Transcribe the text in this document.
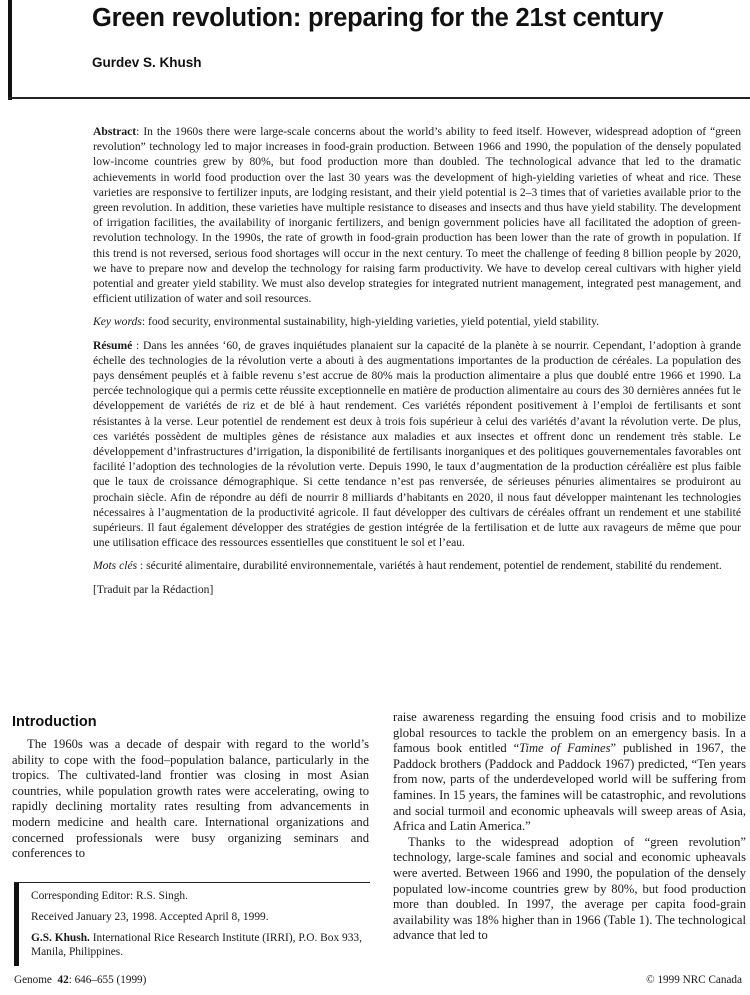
Green revolution: preparing for the 21st century
Gurdev S. Khush

Abstract: In the 1960s there were large-scale concerns about the world’s ability to feed itself. However, widespread adoption of “green revolution” technology led to major increases in food-grain production. Between 1966 and 1990, the population of the densely populated low-income countries grew by 80%, but food production more than doubled. The technological advance that led to the dramatic achievements in world food production over the last 30 years was the development of high-yielding varieties of wheat and rice. These varieties are responsive to fertilizer inputs, are lodging resistant, and their yield potential is 2–3 times that of varieties available prior to the green revolution. In addition, these varieties have multiple resistance to diseases and insects and thus have yield stability. The development of irrigation facilities, the availability of inorganic fertilizers, and benign government policies have all facilitated the adoption of green-revolution technology. In the 1990s, the rate of growth in food-grain production has been lower than the rate of growth in population. If this trend is not reversed, serious food shortages will occur in the next century. To meet the challenge of feeding 8 billion people by 2020, we have to prepare now and develop the technology for raising farm productivity. We have to develop cereal cultivars with higher yield potential and greater yield stability. We must also develop strategies for integrated nutrient management, integrated pest management, and efficient utilization of water and soil resources.

Key words: food security, environmental sustainability, high-yielding varieties, yield potential, yield stability.

Résumé : Dans les années ‘60, de graves inquiétudes planaient sur la capacité de la planète à se nourrir. Cependant, l’adoption à grande échelle des technologies de la révolution verte a abouti à des augmentations importantes de la production de céréales. La population des pays densément peuplés et à faible revenu s’est accrue de 80% mais la production alimentaire a plus que doublé entre 1966 et 1990. La percée technologique qui a permis cette réussite exceptionnelle en matière de production alimentaire au cours des 30 dernières années fut le développement de variétés de riz et de blé à haut rendement. Ces variétés répondent positivement à l’emploi de fertilisants et sont résistantes à la verse. Leur potentiel de rendement est deux à trois fois supérieur à celui des variétés d’avant la révolution verte. De plus, ces variétés possèdent de multiples gènes de résistance aux maladies et aux insectes et offrent donc un rendement très stable. Le développement d’infrastructures d’irrigation, la disponibilité de fertilisants inorganiques et des politiques gouvernementales favorables ont facilité l’adoption des technologies de la révolution verte. Depuis 1990, le taux d’augmentation de la production céréalière est plus faible que le taux de croissance démographique. Si cette tendance n’est pas renversée, de sérieuses pénuries alimentaires se produiront au prochain siècle. Afin de répondre au défi de nourrir 8 milliards d’habitants en 2020, il nous faut développer maintenant les technologies nécessaires à l’augmentation de la productivité agricole. Il faut développer des cultivars de céréales offrant un rendement et une stabilité supérieurs. Il faut également développer des stratégies de gestion intégrée de la fertilisation et de lutte aux ravageurs de même que pour une utilisation efficace des ressources essentielles que constituent le sol et l’eau.

Mots clés : sécurité alimentaire, durabilité environnementale, variétés à haut rendement, potentiel de rendement, stabilité du rendement.

[Traduit par la Rédaction]

Introduction

The 1960s was a decade of despair with regard to the world’s ability to cope with the food–population balance, particularly in the tropics. The cultivated-land frontier was closing in most Asian countries, while population growth rates were accelerating, owing to rapidly declining mortality rates resulting from advancements in modern medicine and health care. International organizations and concerned professionals were busy organizing seminars and conferences to

raise awareness regarding the ensuing food crisis and to mobilize global resources to tackle the problem on an emergency basis. In a famous book entitled “Time of Famines” published in 1967, the Paddock brothers (Paddock and Paddock 1967) predicted, “Ten years from now, parts of the underdeveloped world will be suffering from famines. In 15 years, the famines will be catastrophic, and revolutions and social turmoil and economic upheavals will sweep areas of Asia, Africa and Latin America.”

Thanks to the widespread adoption of “green revolution” technology, large-scale famines and social and economic upheavals were averted. Between 1966 and 1990, the population of the densely populated low-income countries grew by 80%, but food production more than doubled. In 1997, the average per capita food-grain availability was 18% higher than in 1966 (Table 1). The technological advance that led to

Corresponding Editor: R.S. Singh.

Received January 23, 1998. Accepted April 8, 1999.

G.S. Khush. International Rice Research Institute (IRRI), P.O. Box 933, Manila, Philippines.

Genome 42: 646–655 (1999)	© 1999 NRC Canada
